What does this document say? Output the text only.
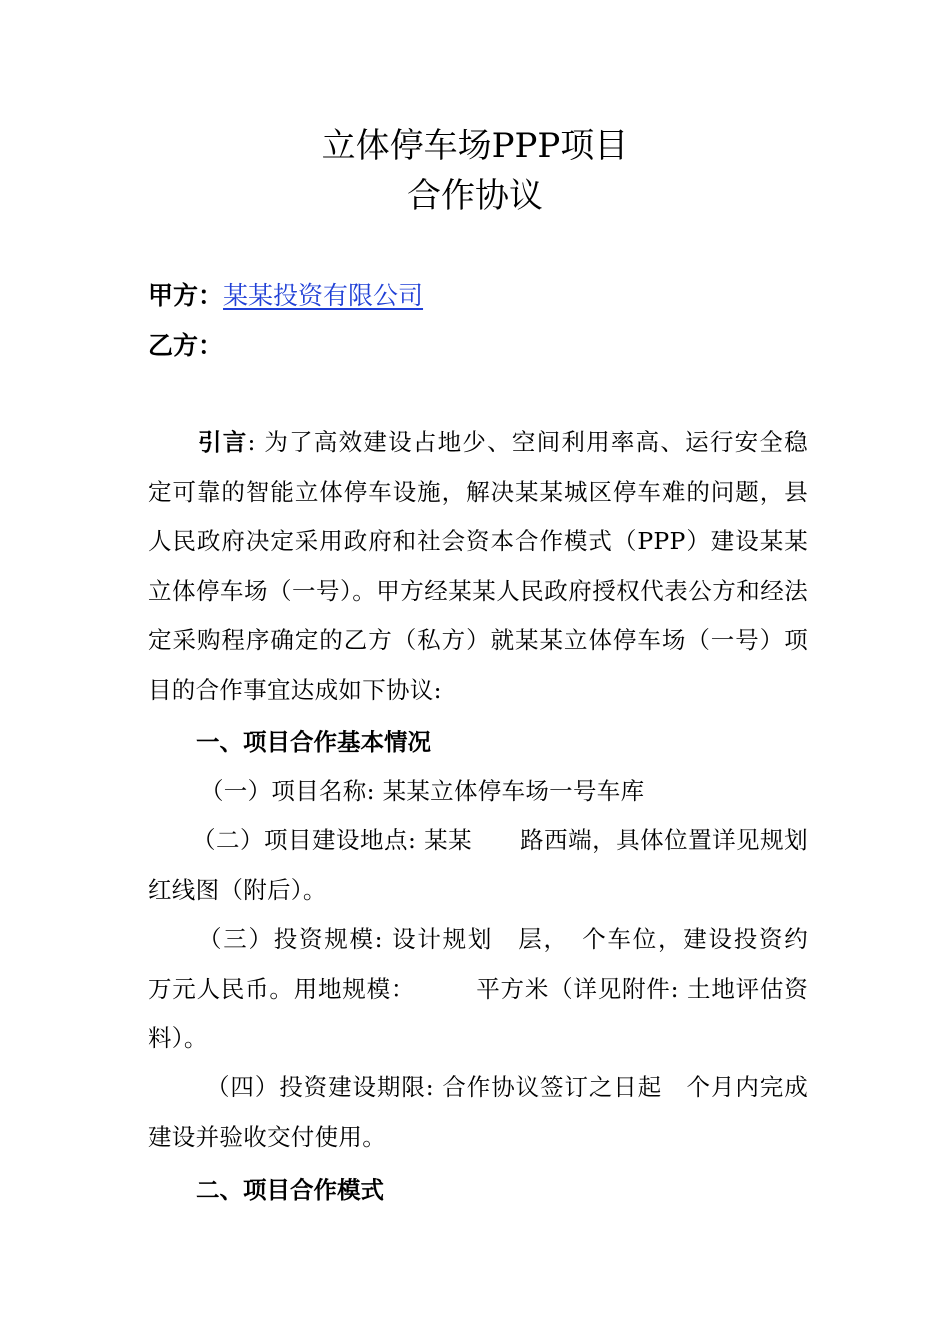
立体停车场PPP项目
合作协议
甲方：某某投资有限公司
乙方：

引言: 为了高效建设占地少、空间利用率高、运行安全稳定可靠的智能立体停车设施，解决某某城区停车难的问题，县人民政府决定采用政府和社会资本合作模式（PPP）建设某某立体停车场（一号）。甲方经某某人民政府授权代表公方和经法定采购程序确定的乙方（私方）就某某立体停车场（一号）项目的合作事宜达成如下协议:

一、项目合作基本情况

（一）项目名称: 某某立体停车场一号车库

（二）项目建设地点: 某某　　路西端，具体位置详见规划红线图（附后）。

（三）投资规模: 设计规划　层，　个车位，建设投资约　　万元人民币。用地规模：　　　平方米（详见附件: 土地评估资料）。

（四）投资建设期限: 合作协议签订之日起　个月内完成建设并验收交付使用。

二、项目合作模式
